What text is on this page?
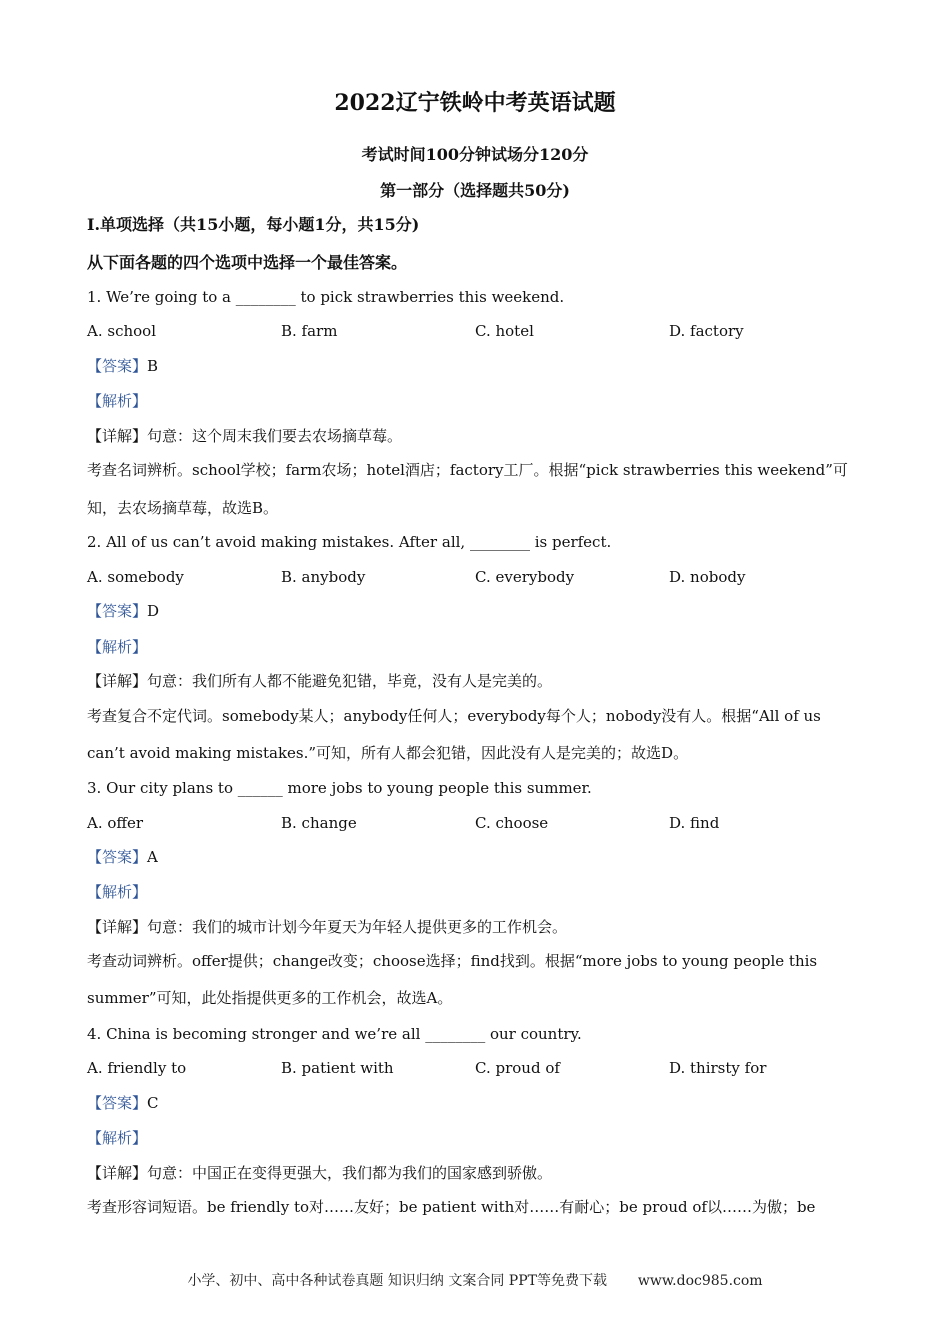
2022辽宁铁岭中考英语试题
考试时间100分钟试场分120分
第一部分（选择题共50分)
I.单项选择（共15小题，每小题1分，共15分)
从下面各题的四个选项中选择一个最佳答案。
1. We’re going to a ________ to pick strawberries this weekend.
A. school	B. farm	C. hotel	D. factory
【答案】B
【解析】
【详解】句意：这个周末我们要去农场摘草莓。
考查名词辨析。school学校；farm农场；hotel酒店；factory工厂。根据“pick strawberries this weekend”可
知，去农场摘草莓，故选B。
2. All of us can’t avoid making mistakes. After all, ________ is perfect.
A. somebody	B. anybody	C. everybody	D. nobody
【答案】D
【解析】
【详解】句意：我们所有人都不能避免犯错，毕竟，没有人是完美的。
考查复合不定代词。somebody某人；anybody任何人；everybody每个人；nobody没有人。根据“All of us
can’t avoid making mistakes.”可知，所有人都会犯错，因此没有人是完美的；故选D。
3. Our city plans to ______ more jobs to young people this summer.
A. offer	B. change	C. choose	D. find
【答案】A
【解析】
【详解】句意：我们的城市计划今年夏天为年轻人提供更多的工作机会。
考查动词辨析。offer提供；change改变；choose选择；find找到。根据“more jobs to young people this
summer”可知，此处指提供更多的工作机会，故选A。
4. China is becoming stronger and we’re all ________ our country.
A. friendly to	B. patient with	C. proud of	D. thirsty for
【答案】C
【解析】
【详解】句意：中国正在变得更强大，我们都为我们的国家感到骄傲。
考查形容词短语。be friendly to对……友好；be patient with对……有耐心；be proud of以……为傲；be
小学、初中、高中各种试卷真题 知识归纳 文案合同 PPT等免费下载 www.doc985.com
